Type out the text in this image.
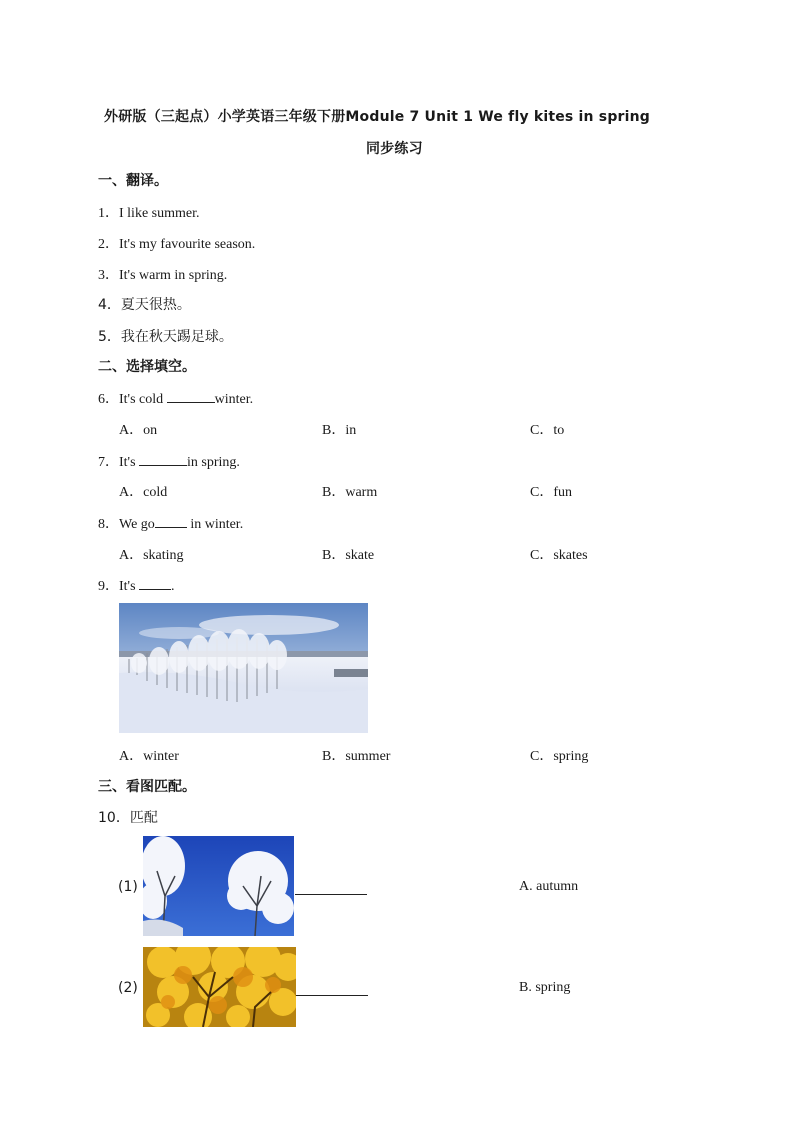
外研版（三起点）小学英语三年级下册Module 7 Unit 1 We fly kites in spring
同步练习
一、翻译。
1．I like summer.
2．It's my favourite season.
3．It's warm in spring.
4．夏天很热。
5．我在秋天踢足球。
二、选择填空。
6．It's cold	winter.
A．on	B．in	C．to
7．It's	in spring.
A．cold	B．warm	C．fun
8．We go in winter.
A．skating	B．skate	C．skates
9．It's .
A．winter	B．summer	C．spring
三、看图匹配。
10．匹配
(1)	A. autumn
(2)	B. spring
